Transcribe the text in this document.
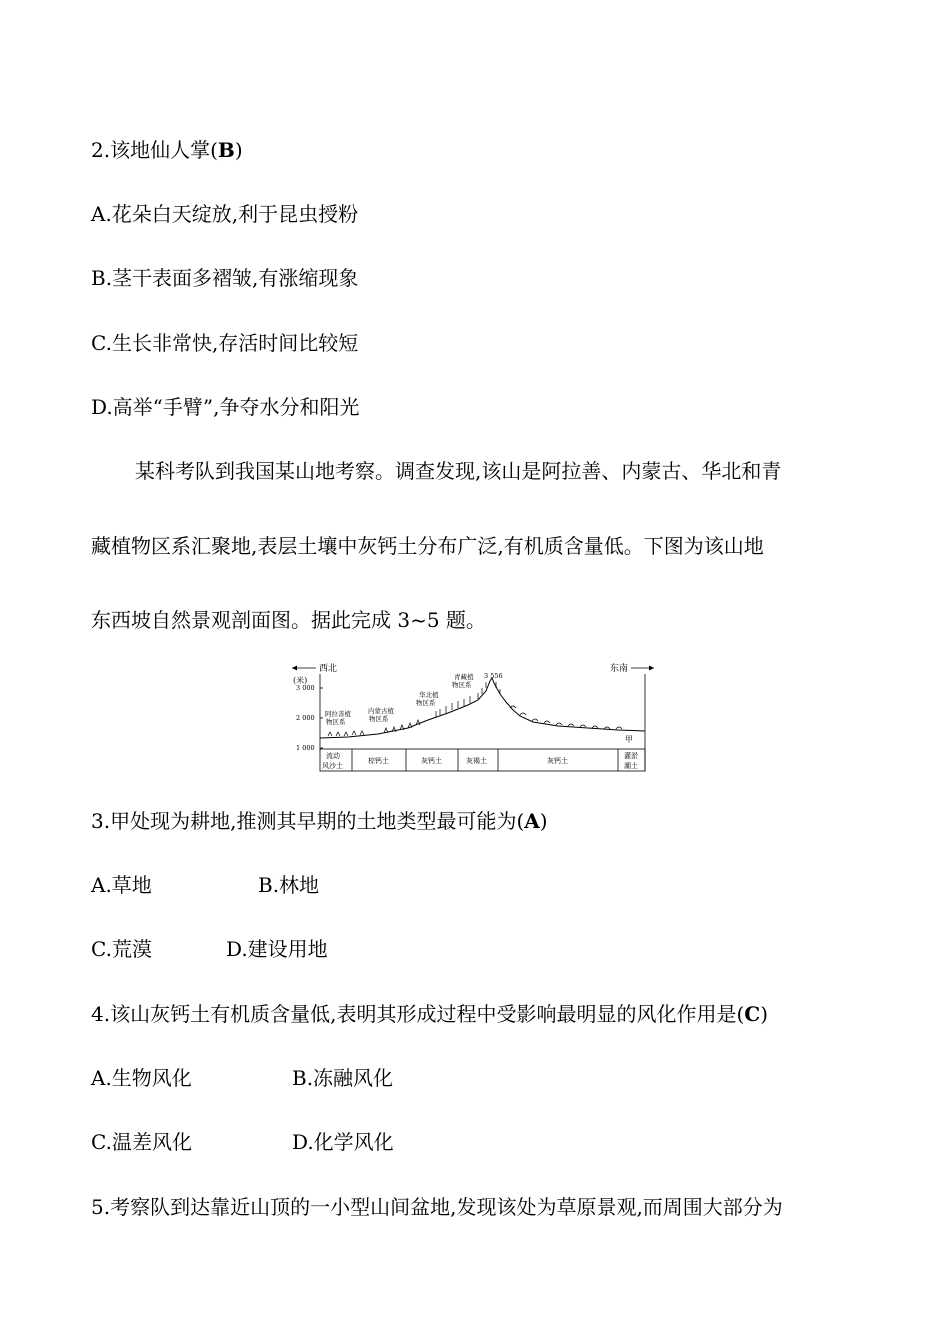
2.该地仙人掌(B)
A.花朵白天绽放,利于昆虫授粉
B.茎干表面多褶皱,有涨缩现象
C.生长非常快,存活时间比较短
D.高举“手臂”,争夺水分和阳光
某科考队到我国某山地考察。调查发现,该山是阿拉善、内蒙古、华北和青
藏植物区系汇聚地,表层土壤中灰钙土分布广泛,有机质含量低。下图为该山地
东西坡自然景观剖面图。据此完成 3~5 题。
西北	东南
(米)
3 000
2 000
1 000
阿拉善植物区系
内蒙古植物区系
华北植物区系
青藏植物区系
3 556
甲
流动风沙土
棕钙土	灰钙土	灰褐土	灰钙土
灌淤潮土
3.甲处现为耕地,推测其早期的土地类型最可能为(A)
A.草地	B.林地
C.荒漠	D.建设用地
4.该山灰钙土有机质含量低,表明其形成过程中受影响最明显的风化作用是(C)
A.生物风化	B.冻融风化
C.温差风化	D.化学风化
5.考察队到达靠近山顶的一小型山间盆地,发现该处为草原景观,而周围大部分为
